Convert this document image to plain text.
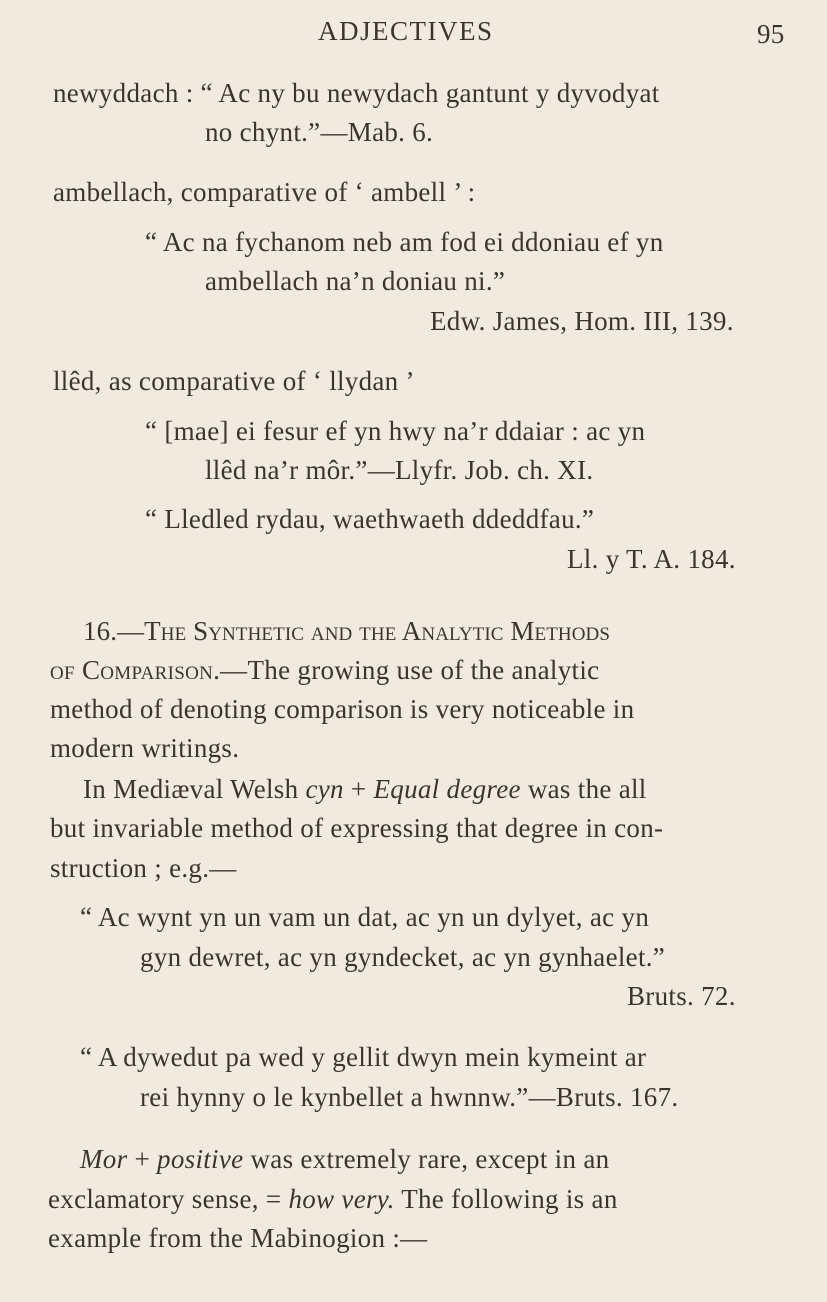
ADJECTIVES	95
newyddach : “ Ac ny bu newydach gantunt y dyvodyat
no chynt.”—Mab. 6.
ambellach, comparative of ‘ ambell ’ :
“ Ac na fychanom neb am fod ei ddoniau ef yn
ambellach na’n doniau ni.”
Edw. James, Hom. III, 139.
llêd, as comparative of ‘ llydan ’
“ [mae] ei fesur ef yn hwy na’r ddaiar : ac yn
llêd na’r môr.”—Llyfr. Job. ch. XI.
“ Lledled rydau, waethwaeth ddeddfau.”
Ll. y T. A. 184.
16.—The Synthetic and the Analytic Methods
of Comparison.—The growing use of the analytic
method of denoting comparison is very noticeable in
modern writings.
In Mediæval Welsh cyn + Equal degree was the all
but invariable method of expressing that degree in con-
struction ; e.g.—
“ Ac wynt yn un vam un dat, ac yn un dylyet, ac yn
gyn dewret, ac yn gyndecket, ac yn gynhaelet.”
Bruts. 72.
“ A dywedut pa wed y gellit dwyn mein kymeint ar
rei hynny o le kynbellet a hwnnw.”—Bruts. 167.
Mor + positive was extremely rare, except in an
exclamatory sense, = how very. The following is an
example from the Mabinogion :—
